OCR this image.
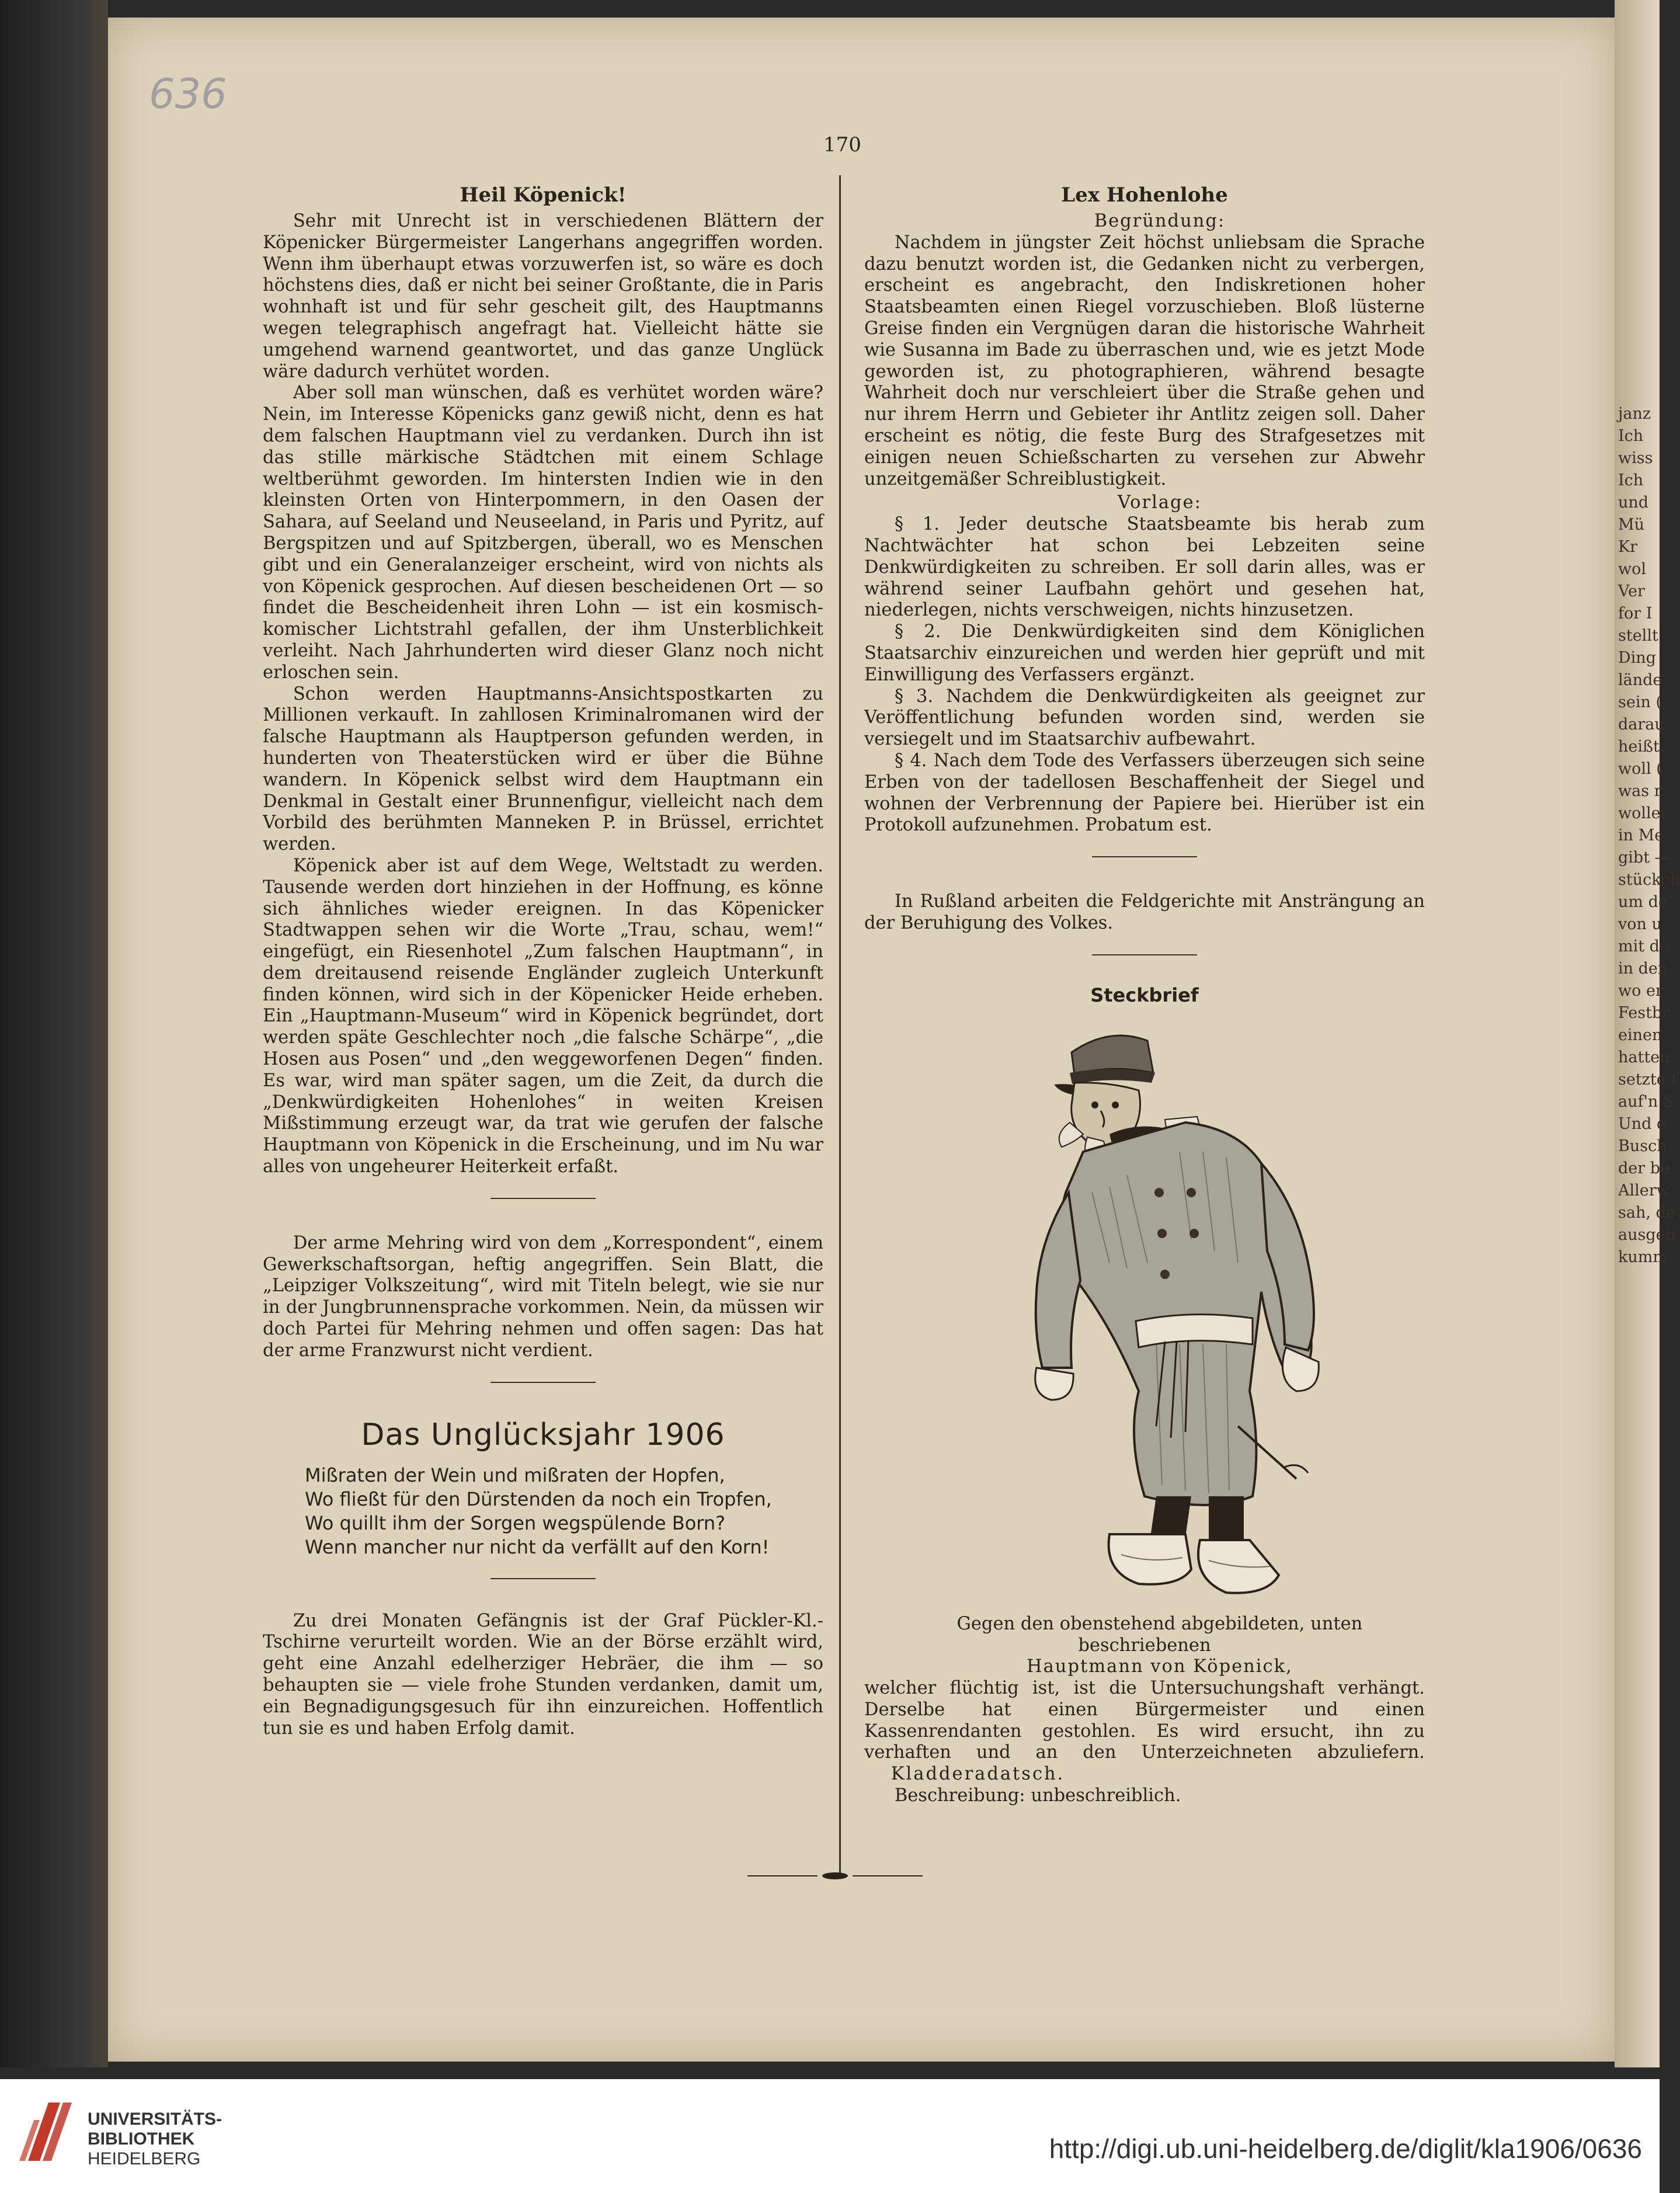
636
170
Heil Köpenick!

Sehr mit Unrecht ist in verschiedenen Blättern der Köpenicker Bürgermeister Langerhans angegriffen worden. Wenn ihm überhaupt etwas vorzuwerfen ist, so wäre es doch höchstens dies, daß er nicht bei seiner Großtante, die in Paris wohnhaft ist und für sehr gescheit gilt, des Hauptmanns wegen telegraphisch angefragt hat. Vielleicht hätte sie umgehend warnend geantwortet, und das ganze Unglück wäre dadurch verhütet worden.

Aber soll man wünschen, daß es verhütet worden wäre? Nein, im Interesse Köpenicks ganz gewiß nicht, denn es hat dem falschen Hauptmann viel zu verdanken. Durch ihn ist das stille märkische Städtchen mit einem Schlage weltberühmt geworden. Im hintersten Indien wie in den kleinsten Orten von Hinterpommern, in den Oasen der Sahara, auf Seeland und Neuseeland, in Paris und Pyritz, auf Bergspitzen und auf Spitzbergen, überall, wo es Menschen gibt und ein Generalanzeiger erscheint, wird von nichts als von Köpenick gesprochen. Auf diesen bescheidenen Ort — so findet die Bescheidenheit ihren Lohn — ist ein kosmisch-komischer Lichtstrahl gefallen, der ihm Unsterblichkeit verleiht. Nach Jahrhunderten wird dieser Glanz noch nicht erloschen sein.

Schon werden Hauptmanns-Ansichtspostkarten zu Millionen verkauft. In zahllosen Kriminalromanen wird der falsche Hauptmann als Hauptperson gefunden werden, in hunderten von Theaterstücken wird er über die Bühne wandern. In Köpenick selbst wird dem Hauptmann ein Denkmal in Gestalt einer Brunnenfigur, vielleicht nach dem Vorbild des berühmten Manneken P. in Brüssel, errichtet werden.

Köpenick aber ist auf dem Wege, Weltstadt zu werden. Tausende werden dort hinziehen in der Hoffnung, es könne sich ähnliches wieder ereignen. In das Köpenicker Stadtwappen sehen wir die Worte „Trau, schau, wem!“ eingefügt, ein Riesenhotel „Zum falschen Hauptmann“, in dem dreitausend reisende Engländer zugleich Unterkunft finden können, wird sich in der Köpenicker Heide erheben. Ein „Hauptmann-Museum“ wird in Köpenick begründet, dort werden späte Geschlechter noch „die falsche Schärpe“, „die Hosen aus Posen“ und „den weggeworfenen Degen“ finden. Es war, wird man später sagen, um die Zeit, da durch die „Denkwürdigkeiten Hohenlohes“ in weiten Kreisen Mißstimmung erzeugt war, da trat wie gerufen der falsche Hauptmann von Köpenick in die Erscheinung, und im Nu war alles von ungeheurer Heiterkeit erfaßt.

Der arme Mehring wird von dem „Korrespondent“, einem Gewerkschaftsorgan, heftig angegriffen. Sein Blatt, die „Leipziger Volkszeitung“, wird mit Titeln belegt, wie sie nur in der Jungbrunnensprache vorkommen. Nein, da müssen wir doch Partei für Mehring nehmen und offen sagen: Das hat der arme Franzwurst nicht verdient.

Das Unglücksjahr 1906
Mißraten der Wein und mißraten der Hopfen,
Wo fließt für den Dürstenden da noch ein Tropfen,
Wo quillt ihm der Sorgen wegspülende Born?
Wenn mancher nur nicht da verfällt auf den Korn!

Zu drei Monaten Gefängnis ist der Graf Pückler-Kl.-Tschirne verurteilt worden. Wie an der Börse erzählt wird, geht eine Anzahl edelherziger Hebräer, die ihm — so behaupten sie — viele frohe Stunden verdanken, damit um, ein Begnadigungsgesuch für ihn einzureichen. Hoffentlich tun sie es und haben Erfolg damit.

Lex Hohenlohe

Begründung:

Nachdem in jüngster Zeit höchst unliebsam die Sprache dazu benutzt worden ist, die Gedanken nicht zu verbergen, erscheint es angebracht, den Indiskretionen hoher Staatsbeamten einen Riegel vorzuschieben. Bloß lüsterne Greise finden ein Vergnügen daran die historische Wahrheit wie Susanna im Bade zu überraschen und, wie es jetzt Mode geworden ist, zu photographieren, während besagte Wahrheit doch nur verschleiert über die Straße gehen und nur ihrem Herrn und Gebieter ihr Antlitz zeigen soll. Daher erscheint es nötig, die feste Burg des Strafgesetzes mit einigen neuen Schießscharten zu versehen zur Abwehr unzeitgemäßer Schreiblustigkeit.

Vorlage:

§ 1. Jeder deutsche Staatsbeamte bis herab zum Nachtwächter hat schon bei Lebzeiten seine Denkwürdigkeiten zu schreiben. Er soll darin alles, was er während seiner Laufbahn gehört und gesehen hat, niederlegen, nichts verschweigen, nichts hinzusetzen.

§ 2. Die Denkwürdigkeiten sind dem Königlichen Staatsarchiv einzureichen und werden hier geprüft und mit Einwilligung des Verfassers ergänzt.

§ 3. Nachdem die Denkwürdigkeiten als geeignet zur Veröffentlichung befunden worden sind, werden sie versiegelt und im Staatsarchiv aufbewahrt.

§ 4. Nach dem Tode des Verfassers überzeugen sich seine Erben von der tadellosen Beschaffenheit der Siegel und wohnen der Verbrennung der Papiere bei. Hierüber ist ein Protokoll aufzunehmen. Probatum est.

In Rußland arbeiten die Feldgerichte mit Ansträngung an der Beruhigung des Volkes.

Steckbrief

Gegen den obenstehend abgebildeten, unten beschriebenen

Hauptmann von Köpenick,

welcher flüchtig ist, ist die Untersuchungshaft verhängt. Derselbe hat einen Bürgermeister und einen Kassenrendanten gestohlen. Es wird ersucht, ihn zu verhaften und an den Unterzeichneten abzuliefern. Kladderadatsch.

Beschreibung: unbeschreiblich.

janz
Ich
wiss
Ich
und
Mü
Kr
wol
Ver
for I
stellt
Ding
lände
sein (
darau
heißt
woll (
was r
woller
in Me
gibt —
stückch
um de
von u
mit de
in den
wo er
Festbr
einen
hatten
setzte f
auf'n S
Und d
Busch
der be
Allerw
sah, de
ausgeb
kumm
UNIVERSITÄTS-
BIBLIOTHEK
HEIDELBERG	http://digi.ub.uni-heidelberg.de/diglit/kla1906/0636
